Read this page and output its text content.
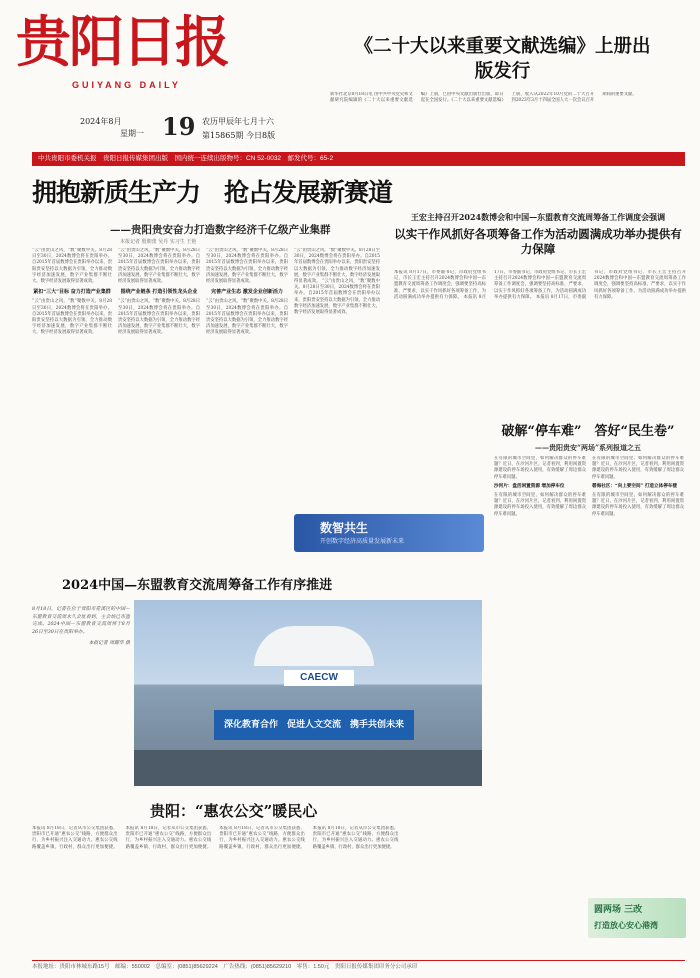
贵阳日报
GUIYANG DAILY
2024年8月
星期一 19 农历甲辰年七月十六
第15865期 今日8版
《二十大以来重要文献选编》上册出版发行
新华社北京8月18日电 由中共中央党史和文献研究院编辑的《二十大以来重要文献选编》上册，已由中央文献出版社出版，即日起在全国发行。《二十大以来重要文献选编》上册，收入从2022年10月党的二十大召开到2023年3月十四届全国人大一次会议召开期间的重要文献。
中共贵阳市委机关报　贵阳日报传媒集团出版　国内统一连续出版物号：CN 52-0032　邮发代号：65-2
拥抱新质生产力　抢占发展新赛道
——贵阳贵安奋力打造数字经济千亿级产业集群
本报记者 殷朝蕾 吴丹 实习生 王艳
“云”由贵山之风，“数”聚数中关。8月28日至30日，2024数博会将在贵阳举办。自2015年首届数博会在贵阳举办以来，贵阳贵安坚持以大数据为引领，全力推动数字经济加速发展，数字产业集群不断壮大，数字经济发展取得显著成效。
紧扣“三大”目标 奋力打造产业集群
“云”由贵山之风，“数”聚数中关。8月28日至30日，2024数博会将在贵阳举办。自2015年首届数博会在贵阳举办以来，贵阳贵安坚持以大数据为引领，全力推动数字经济加速发展，数字产业集群不断壮大，数字经济发展取得显著成效。
“云”由贵山之风，“数”聚数中关。8月28日至30日，2024数博会将在贵阳举办。自2015年首届数博会在贵阳举办以来，贵阳贵安坚持以大数据为引领，全力推动数字经济加速发展，数字产业集群不断壮大，数字经济发展取得显著成效。
围绕产业链条 打造引领性龙头企业
“云”由贵山之风，“数”聚数中关。8月28日至30日，2024数博会将在贵阳举办。自2015年首届数博会在贵阳举办以来，贵阳贵安坚持以大数据为引领，全力推动数字经济加速发展，数字产业集群不断壮大，数字经济发展取得显著成效。
“云”由贵山之风，“数”聚数中关。8月28日至30日，2024数博会将在贵阳举办。自2015年首届数博会在贵阳举办以来，贵阳贵安坚持以大数据为引领，全力推动数字经济加速发展，数字产业集群不断壮大，数字经济发展取得显著成效。
完善产业生态 激发企业创新活力
“云”由贵山之风，“数”聚数中关。8月28日至30日，2024数博会将在贵阳举办。自2015年首届数博会在贵阳举办以来，贵阳贵安坚持以大数据为引领，全力推动数字经济加速发展，数字产业集群不断壮大，数字经济发展取得显著成效。
“云”由贵山之风，“数”聚数中关。8月28日至30日，2024数博会将在贵阳举办。自2015年首届数博会在贵阳举办以来，贵阳贵安坚持以大数据为引领，全力推动数字经济加速发展，数字产业集群不断壮大，数字经济发展取得显著成效。 “云”由贵山之风，“数”聚数中关。8月28日至30日，2024数博会将在贵阳举办。自2015年首届数博会在贵阳举办以来，贵阳贵安坚持以大数据为引领，全力推动数字经济加速发展，数字产业集群不断壮大，数字经济发展取得显著成效。
王宏主持召开2024数博会和中国—东盟教育交流周筹备工作调度会强调
以实干作风抓好各项筹备工作为活动圆满成功举办提供有力保障
本报讯 8月17日，市委副书记、市政府党组书记、市长王宏主持召开2024数博会和中国—东盟教育交流周筹备工作调度会，强调要坚持高标准、严要求，以实干作风抓好各项筹备工作，为活动圆满成功举办提供有力保障。 本报讯 8月17日，市委副书记、市政府党组书记、市长王宏主持召开2024数博会和中国—东盟教育交流周筹备工作调度会，强调要坚持高标准、严要求，以实干作风抓好各项筹备工作，为活动圆满成功举办提供有力保障。 本报讯 8月17日，市委副书记、市政府党组书记、市长王宏主持召开2024数博会和中国—东盟教育交流周筹备工作调度会，强调要坚持高标准、严要求，以实干作风抓好各项筹备工作，为活动圆满成功举办提供有力保障。
数智共生
开创数字经济高质量发展新未来
破解“停车难”　答好“民生卷”
——贵阳贵安“两场”系列报道之五
在有限的城市空间里，如何解决群众的停车难题？近日，在沙河片区，记者看到，利用闲置资源建设的停车场投入使用，有效缓解了周边群众停车难问题。
沙河片：盘活闲置资源 增加停车位
在有限的城市空间里，如何解决群众的停车难题？近日，在沙河片区，记者看到，利用闲置资源建设的停车场投入使用，有效缓解了周边群众停车难问题。
在有限的城市空间里，如何解决群众的停车难题？近日，在沙河片区，记者看到，利用闲置资源建设的停车场投入使用，有效缓解了周边群众停车难问题。
碧海社区：“向上要空间” 打造立体停车楼
在有限的城市空间里，如何解决群众的停车难题？近日，在沙河片区，记者看到，利用闲置资源建设的停车场投入使用，有效缓解了周边群众停车难问题。
2024中国—东盟教育交流周筹备工作有序推进
8月18日，记者在位于贵阳市花溪区的中国—东盟教育交流周永久会址看到，主会场已布置完成。2024中国—东盟教育交流周将于8月26日至30日在贵阳举办。
本报记者 周耀华 摄
CAECW
深化教育合作　促进人文交流　携手共创未来
贵阳：“惠农公交”暖民心
本报讯 8月18日，记者从市公交集团获悉，贵阳市已开通“惠农公交”线路，方便群众出行，为乡村振兴注入交通动力。惠农公交线路覆盖乡镇、行政村，群众出行更加便捷。 本报讯 8月18日，记者从市公交集团获悉，贵阳市已开通“惠农公交”线路，方便群众出行，为乡村振兴注入交通动力。惠农公交线路覆盖乡镇、行政村，群众出行更加便捷。 本报讯 8月18日，记者从市公交集团获悉，贵阳市已开通“惠农公交”线路，方便群众出行，为乡村振兴注入交通动力。惠农公交线路覆盖乡镇、行政村，群众出行更加便捷。 本报讯 8月18日，记者从市公交集团获悉，贵阳市已开通“惠农公交”线路，方便群众出行，为乡村振兴注入交通动力。惠农公交线路覆盖乡镇、行政村，群众出行更加便捷。
圆两场 三改
打造放心安心港湾
本报地址：贵阳市林城东路15号　邮编：550002　总编室：(0851)85629224　广告热线：(0851)85629210　零售：1.50元　贵阳日报传媒集团印务分公司承印
